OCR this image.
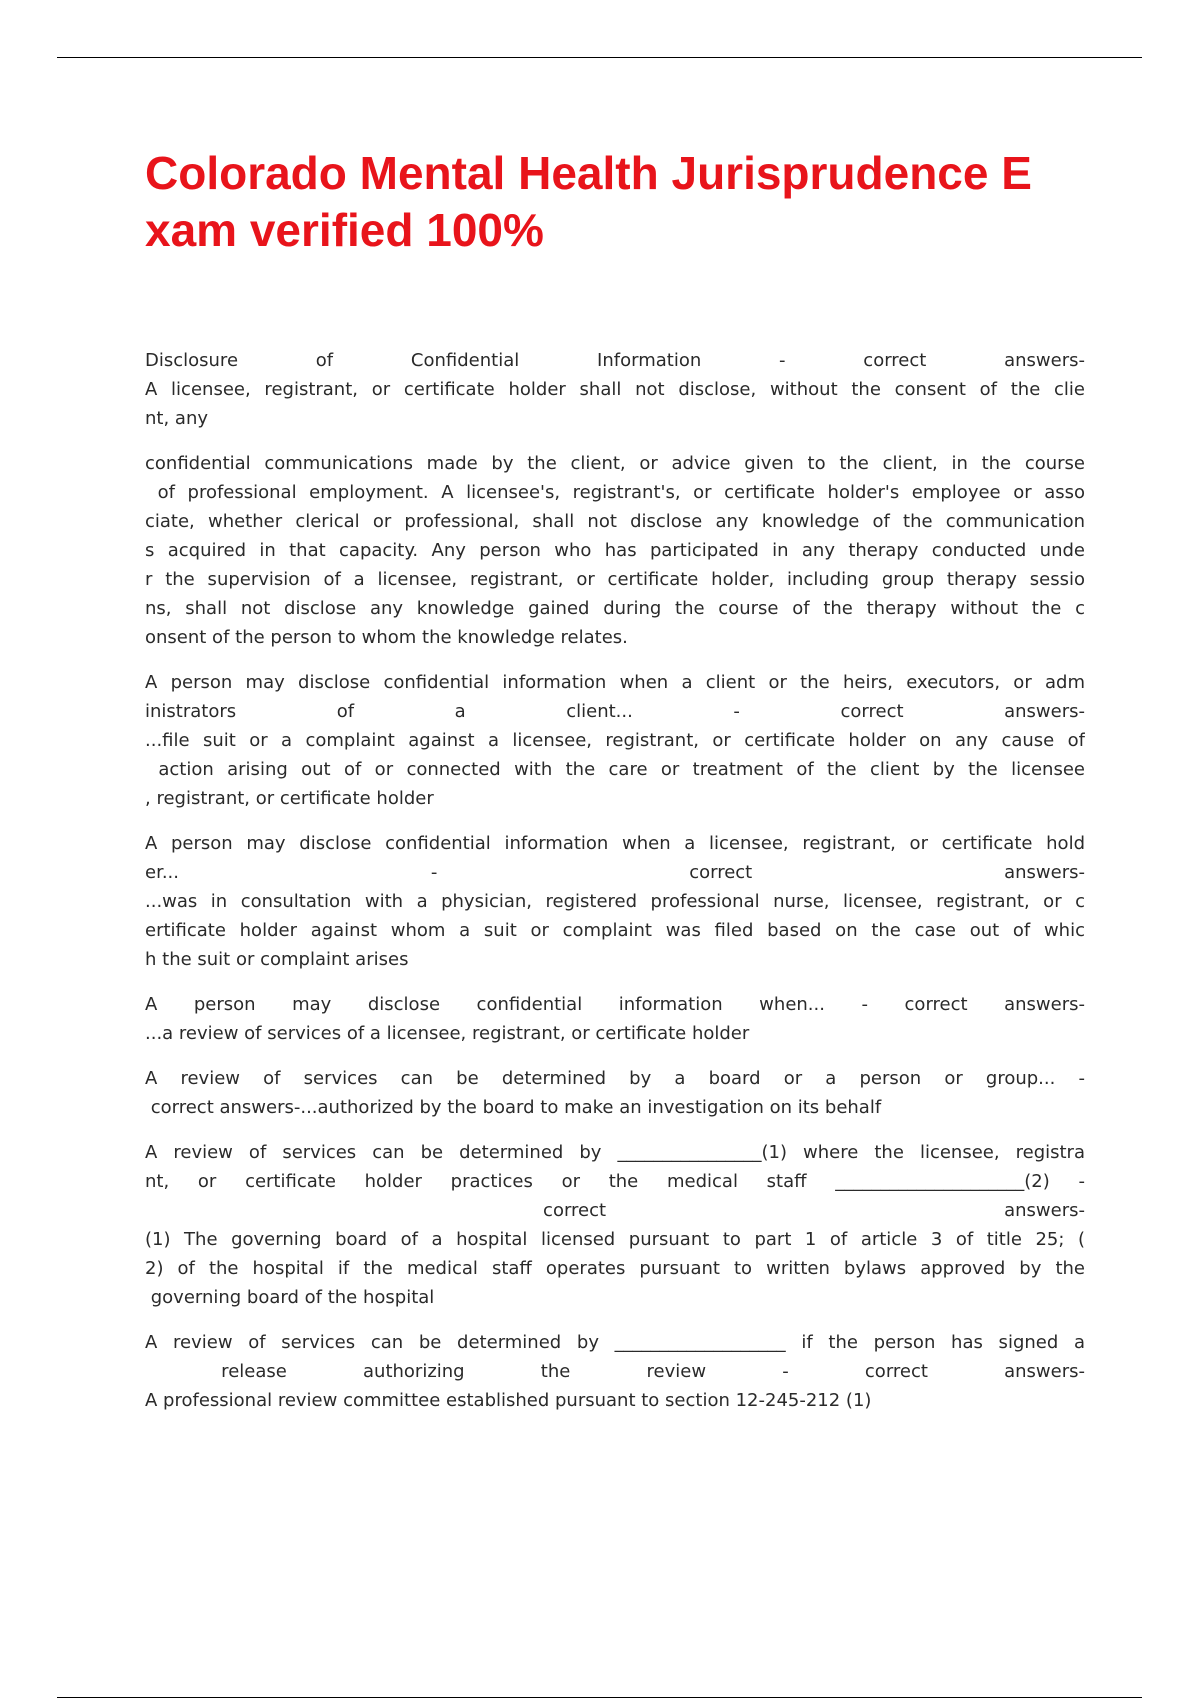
Colorado Mental Health Jurisprudence E
xam verified 100%
Disclosure of Confidential Information - correct answers-
A licensee, registrant, or certificate holder shall not disclose, without the consent of the clie
nt, any
confidential communications made by the client, or advice given to the client, in the course
of professional employment. A licensee's, registrant's, or certificate holder's employee or asso
ciate, whether clerical or professional, shall not disclose any knowledge of the communication
s acquired in that capacity. Any person who has participated in any therapy conducted unde
r the supervision of a licensee, registrant, or certificate holder, including group therapy sessio
ns, shall not disclose any knowledge gained during the course of the therapy without the c
onsent of the person to whom the knowledge relates.
A person may disclose confidential information when a client or the heirs, executors, or adm
inistrators of a client... - correct answers-
...file suit or a complaint against a licensee, registrant, or certificate holder on any cause of
action arising out of or connected with the care or treatment of the client by the licensee
, registrant, or certificate holder
A person may disclose confidential information when a licensee, registrant, or certificate hold
er... - correct answers-
...was in consultation with a physician, registered professional nurse, licensee, registrant, or c
ertificate holder against whom a suit or complaint was filed based on the case out of whic
h the suit or complaint arises
A person may disclose confidential information when... - correct answers-
...a review of services of a licensee, registrant, or certificate holder
A review of services can be determined by a board or a person or group... -
correct answers-...authorized by the board to make an investigation on its behalf
A review of services can be determined by ________________(1) where the licensee, registra
nt, or certificate holder practices or the medical staff _____________________(2) -
correct answers-
(1) The governing board of a hospital licensed pursuant to part 1 of article 3 of title 25; (
2) of the hospital if the medical staff operates pursuant to written bylaws approved by the
governing board of the hospital
A review of services can be determined by ___________________ if the person has signed a
release authorizing the review - correct answers-
A professional review committee established pursuant to section 12-245-212 (1)
